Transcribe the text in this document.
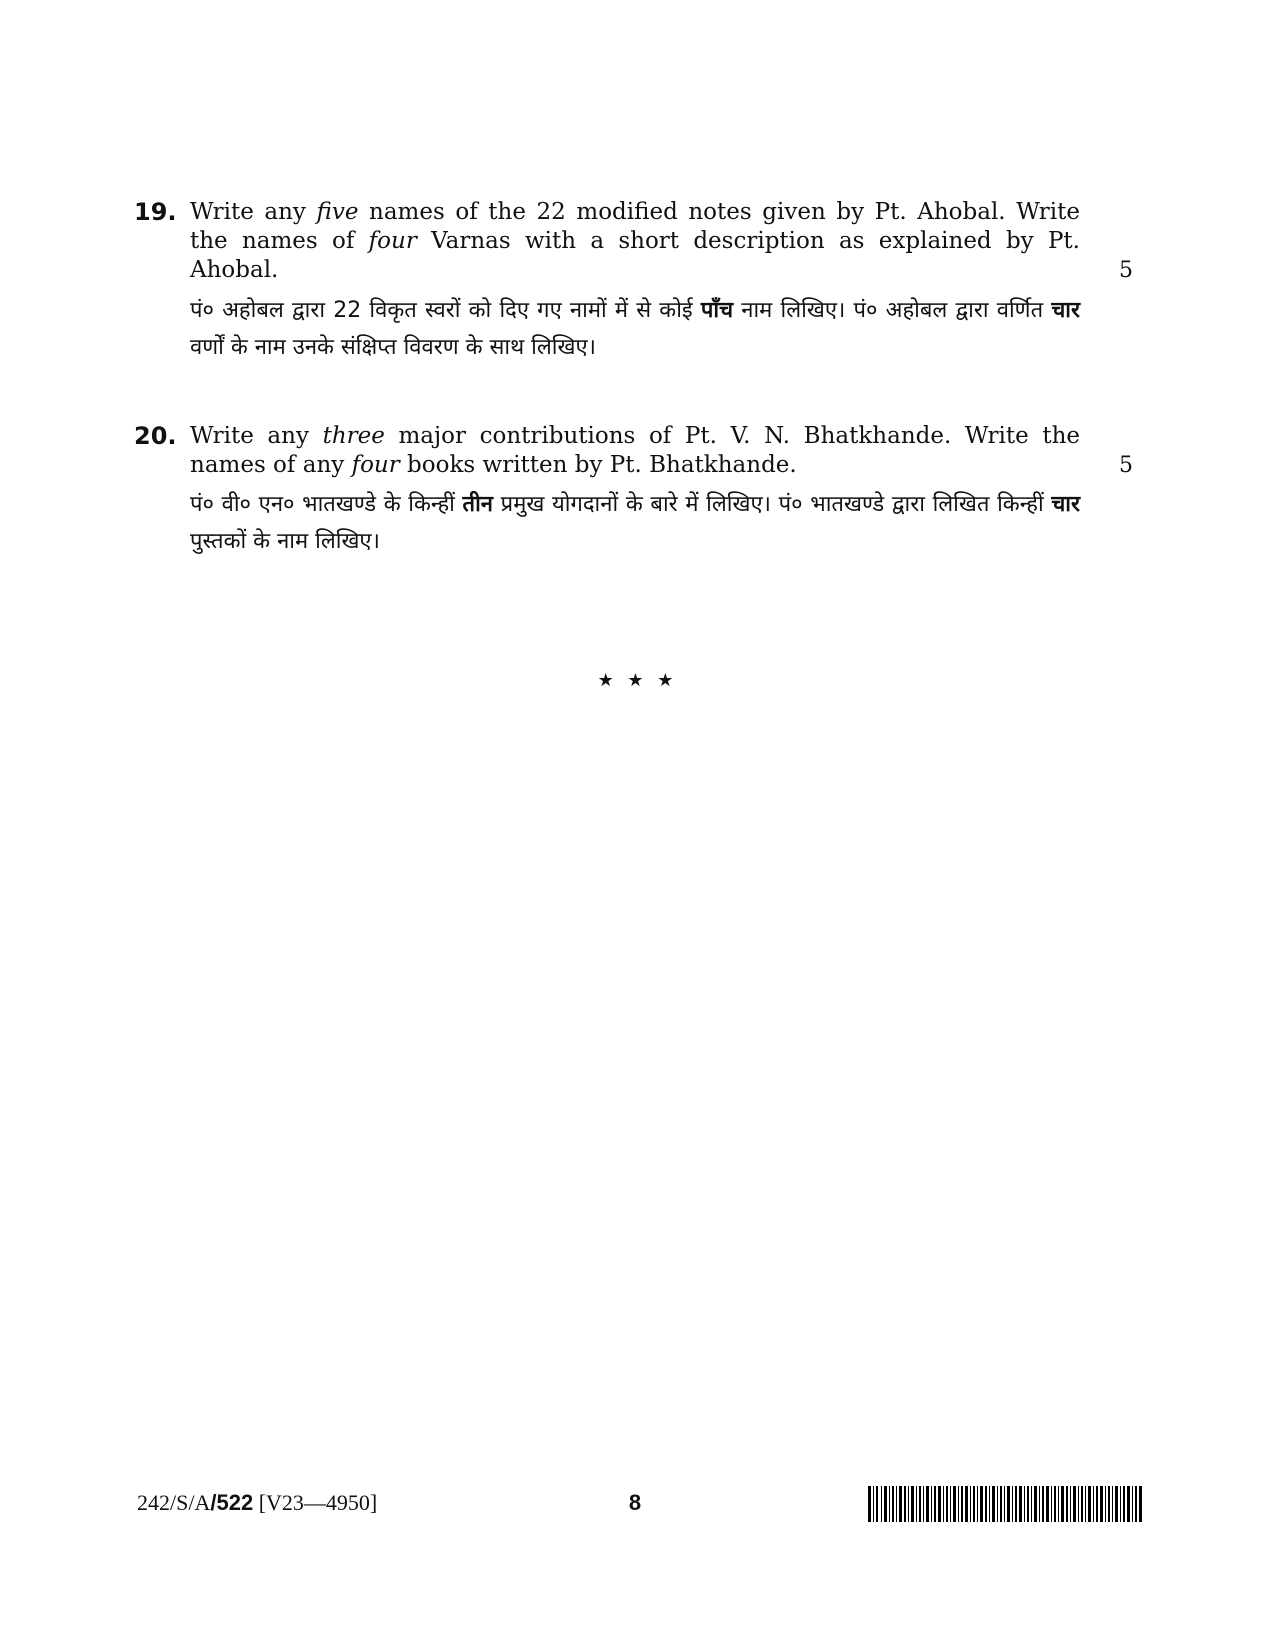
19. Write any five names of the 22 modified notes given by Pt. Ahobal. Write the names of four Varnas with a short description as explained by Pt. Ahobal.	5
पं० अहोबल द्वारा 22 विकृत स्वरों को दिए गए नामों में से कोई पाँच नाम लिखिए। पं० अहोबल द्वारा वर्णित चार वर्णों के नाम उनके संक्षिप्त विवरण के साथ लिखिए।
20. Write any three major contributions of Pt. V. N. Bhatkhande. Write the names of any four books written by Pt. Bhatkhande.	5
पं० वी० एन० भातखण्डे के किन्हीं तीन प्रमुख योगदानों के बारे में लिखिए। पं० भातखण्डे द्वारा लिखित किन्हीं चार पुस्तकों के नाम लिखिए।
★ ★ ★
242/S/A/522 [V23—4950]	8
